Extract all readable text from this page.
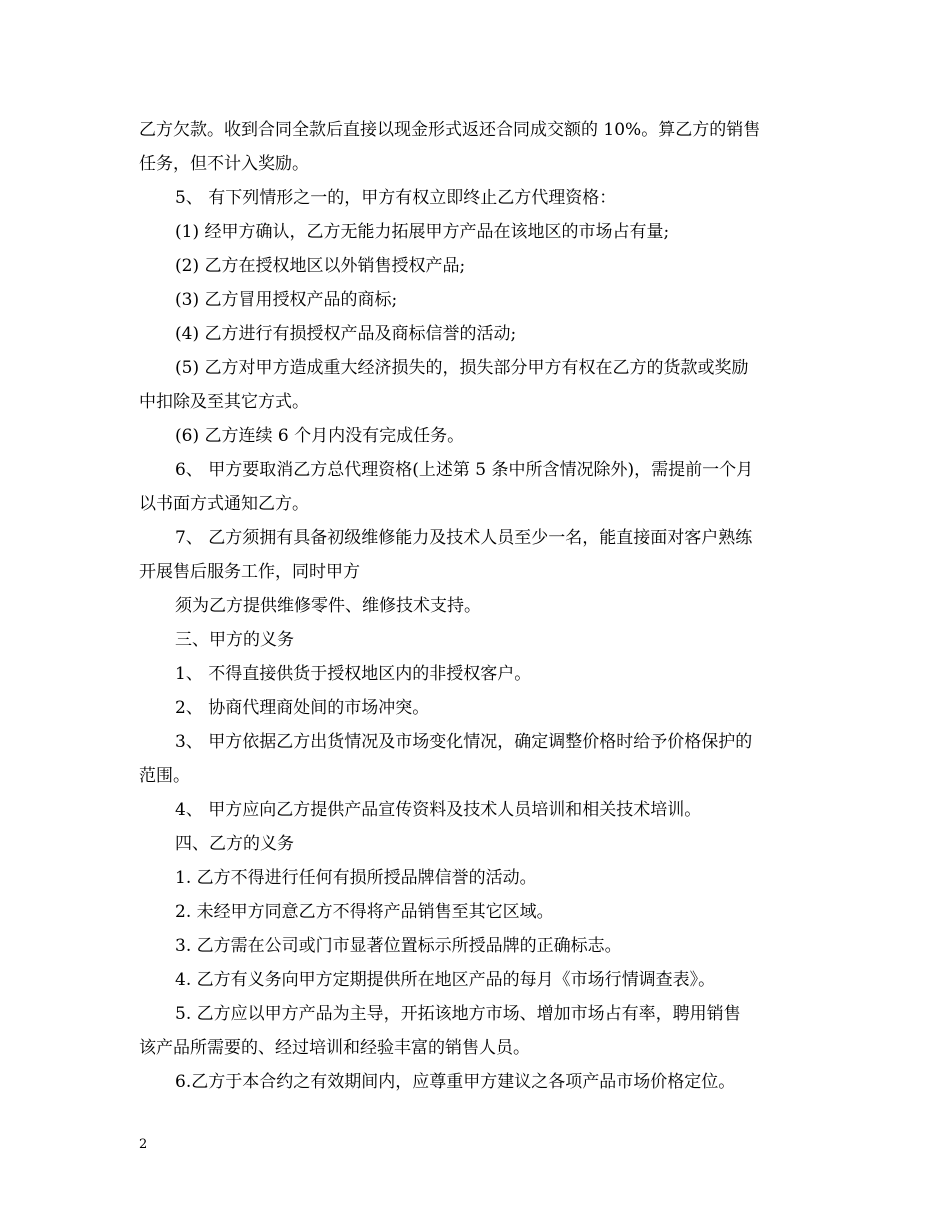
乙方欠款。收到合同全款后直接以现金形式返还合同成交额的 10%。算乙方的销售
任务，但不计入奖励。
5、 有下列情形之一的，甲方有权立即终止乙方代理资格：
(1) 经甲方确认，乙方无能力拓展甲方产品在该地区的市场占有量;
(2) 乙方在授权地区以外销售授权产品;
(3) 乙方冒用授权产品的商标;
(4) 乙方进行有损授权产品及商标信誉的活动;
(5) 乙方对甲方造成重大经济损失的，损失部分甲方有权在乙方的货款或奖励
中扣除及至其它方式。
(6) 乙方连续 6 个月内没有完成任务。
6、 甲方要取消乙方总代理资格(上述第 5 条中所含情况除外)，需提前一个月
以书面方式通知乙方。
7、 乙方须拥有具备初级维修能力及技术人员至少一名，能直接面对客户熟练
开展售后服务工作，同时甲方
须为乙方提供维修零件、维修技术支持。
三、甲方的义务
1、 不得直接供货于授权地区内的非授权客户。
2、 协商代理商处间的市场冲突。
3、 甲方依据乙方出货情况及市场变化情况，确定调整价格时给予价格保护的
范围。
4、 甲方应向乙方提供产品宣传资料及技术人员培训和相关技术培训。
四、乙方的义务
1. 乙方不得进行任何有损所授品牌信誉的活动。
2. 未经甲方同意乙方不得将产品销售至其它区域。
3. 乙方需在公司或门市显著位置标示所授品牌的正确标志。
4. 乙方有义务向甲方定期提供所在地区产品的每月《市场行情调查表》。
5. 乙方应以甲方产品为主导，开拓该地方市场、增加市场占有率，聘用销售
该产品所需要的、经过培训和经验丰富的销售人员。
6.乙方于本合约之有效期间内，应尊重甲方建议之各项产品市场价格定位。
2
